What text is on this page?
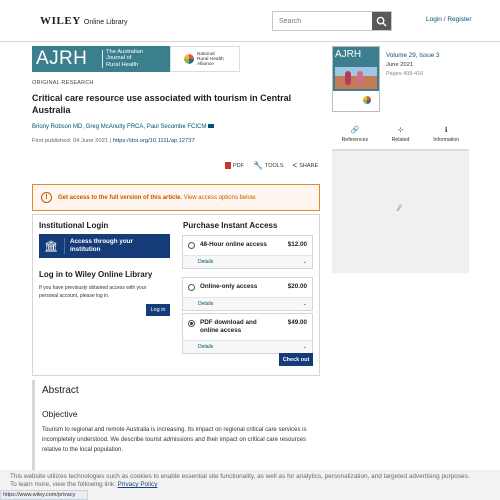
WILEY Online Library
Search	Login / Register
AJRH	The Australian
Journal of
Rural Health
National
Rural Health
Alliance
ORIGINAL RESEARCH
Critical care resource use associated with tourism in Central Australia
Briony Robson MD, Greg McAnulty FRCA, Paul Secombe FCICM
First published: 04 June 2021 | https://doi.org/10.1111/ajr.12737
PDF 🔧 TOOLS < SHARE
!	Get access to the full version of this article. View access options below.
Institutional Login
🏛	Access through your institution
Log in to Wiley Online Library
If you have previously obtained access with your personal account, please log in.
Log in
Purchase Instant Access
48-Hour online access	$12.00
Details	⌄
Online-only access	$20.00
Details	⌄
PDF download and online access
$49.00
Details	⌄
Check out
Abstract
Objective

Tourism to regional and remote Australia is increasing. Its impact on regional critical care services is incompletely understood. We describe tourist admissions and their impact on critical care resources relative to the local population.

AJRH	Volume 29, Issue 3
June 2021
Pages 408-416
🔗
References
⊹
Related
ℹ
Information
⁄⁄
This website utilizes technologies such as cookies to enable essential site functionality, as well as for analytics, personalization, and targeted advertising purposes.
To learn more, view the following link: Privacy Policy
https://www.wiley.com/privacy
